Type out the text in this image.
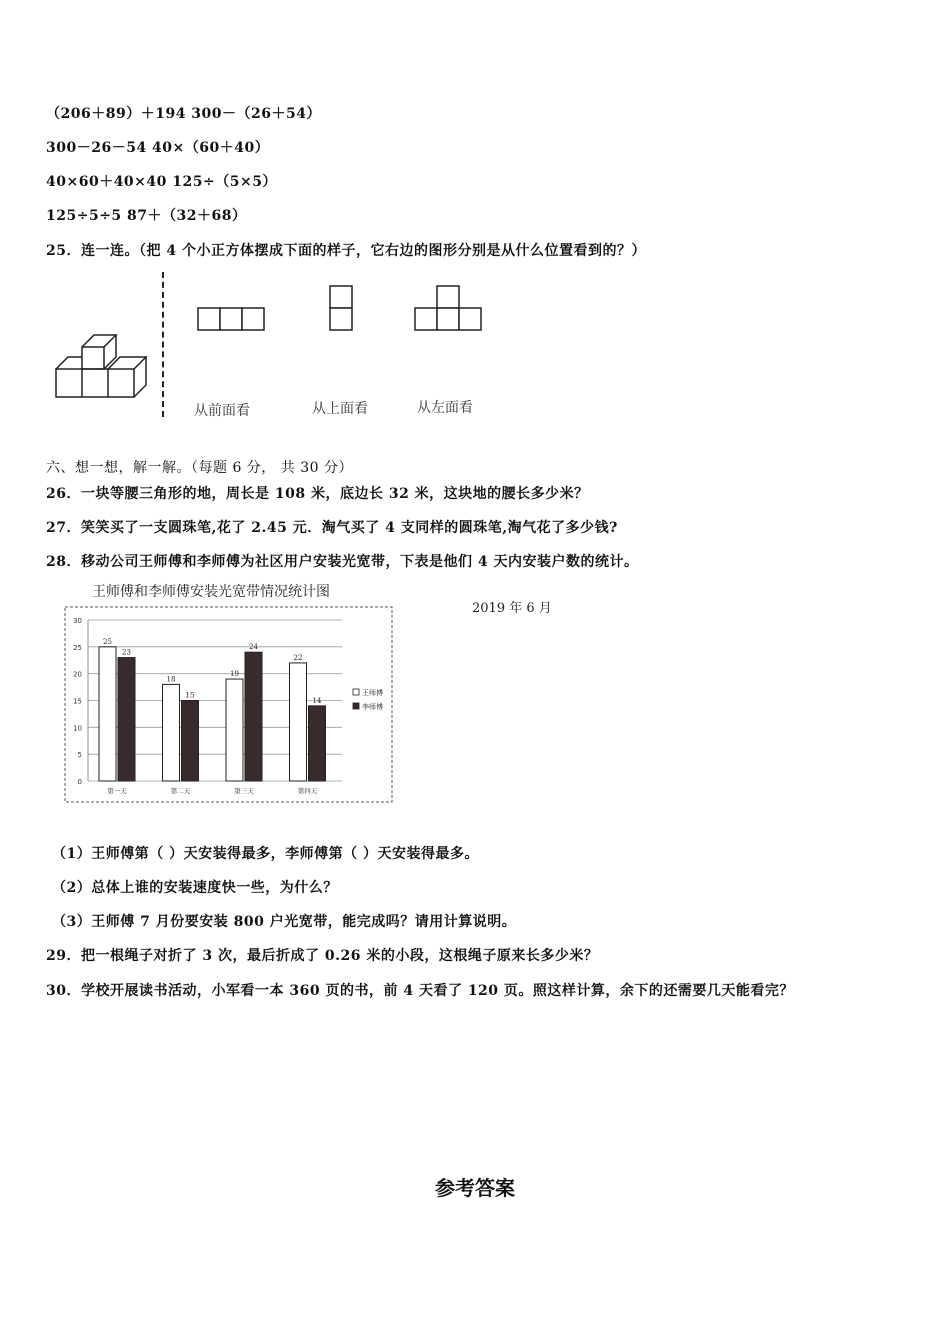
（206＋89）＋194 300－（26＋54）
300－26－54 40×（60＋40）
40×60＋40×40 125÷（5×5）
125÷5÷5 87＋（32＋68）
25．连一连。（把 4 个小正方体摆成下面的样子，它右边的图形分别是从什么位置看到的？）
从前面看	从上面看	从左面看
六、想一想，解一解。（每题 6 分， 共 30 分）
26．一块等腰三角形的地，周长是 108 米，底边长 32 米，这块地的腰长多少米？
27．笑笑买了一支圆珠笔,花了 2.45 元．淘气买了 4 支同样的圆珠笔,淘气花了多少钱?
28．移动公司王师傅和李师傅为社区用户安装光宽带，下表是他们 4 天内安装户数的统计。
王师傅和李师傅安装光宽带情况统计图
2019 年 6 月
0
5
10
15
20
25
30
25
23
18
15
19
24
22
14
第一天	第二天	第三天	第四天
王师傅
李师傅
（1）王师傅第（ ）天安装得最多，李师傅第（ ）天安装得最多。
（2）总体上谁的安装速度快一些，为什么？
（3）王师傅 7 月份要安装 800 户光宽带，能完成吗？请用计算说明。
29．把一根绳子对折了 3 次，最后折成了 0.26 米的小段，这根绳子原来长多少米？
30．学校开展读书活动，小军看一本 360 页的书，前 4 天看了 120 页。照这样计算，余下的还需要几天能看完？
参考答案
